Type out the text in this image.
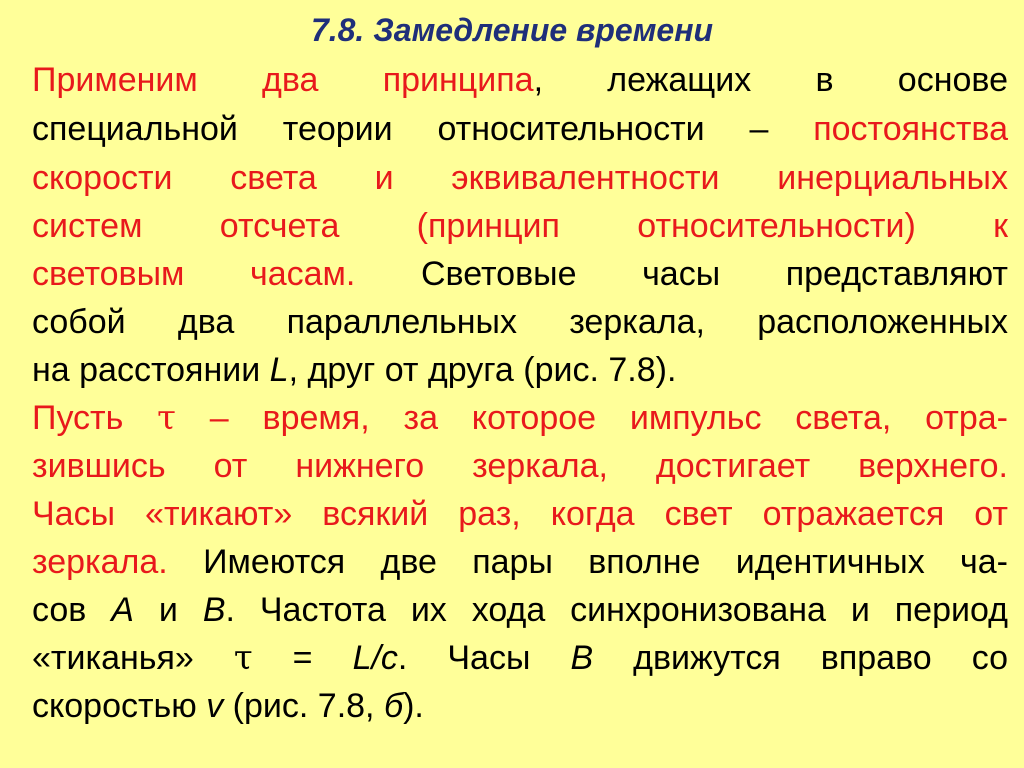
7.8. Замедление времени
Применим два принципа, лежащих в основе
специальной теории относительности – постоянства
скорости света и эквивалентности инерциальных
систем отсчета (принцип относительности) к
световым часам. Световые часы представляют
собой два параллельных зеркала, расположенных
на расстоянии L, друг от друга (рис. 7.8).
Пусть τ – время, за которое импульс света, отра-
зившись от нижнего зеркала, достигает верхнего.
Часы «тикают» всякий раз, когда свет отражается от
зеркала. Имеются две пары вполне идентичных ча-
сов А и В. Частота их хода синхронизована и период
«тиканья» τ = L/с. Часы В движутся вправо со
скоростью v (рис. 7.8, б).
